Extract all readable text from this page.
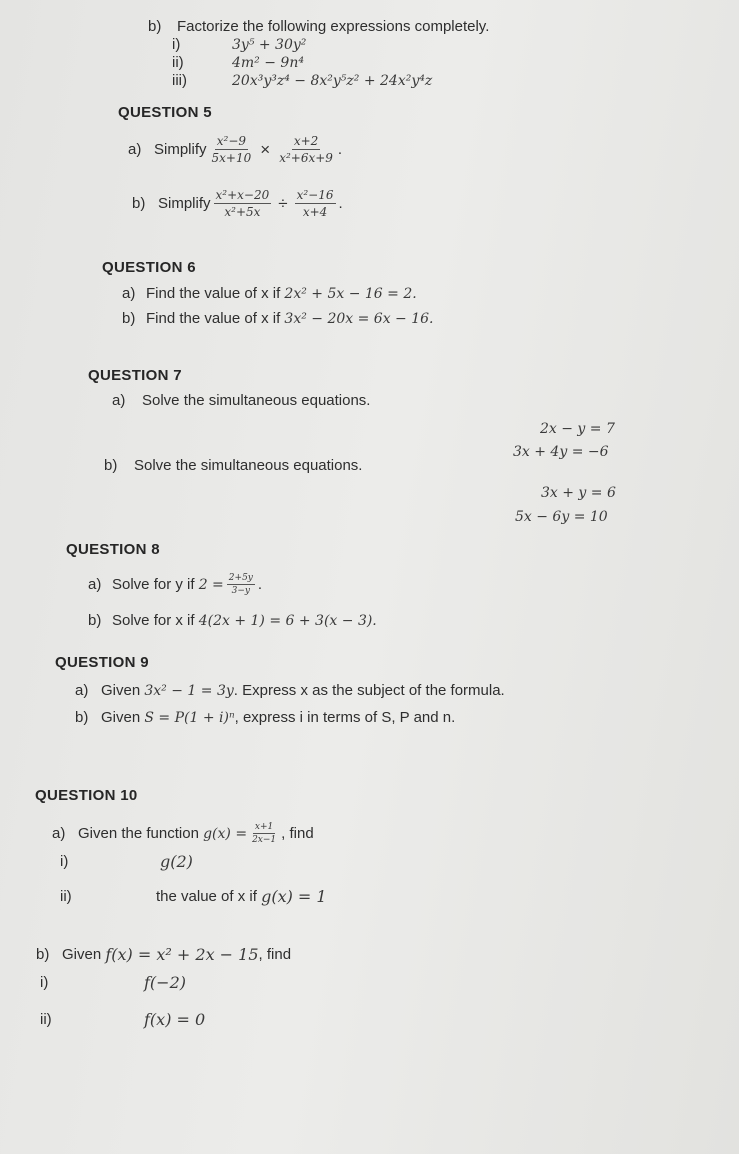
b)	Factorize the following expressions completely.
i)	3y⁵ + 30y²
ii)	4m² − 9n⁴
iii)	20x³y³z⁴ − 8x²y⁵z² + 24x²y⁴z
QUESTION 5
a) Simplify $\frac{\text{x²−9}}{5x+10} \times \frac{x+2}{\text{x²+6x+9}}$ .
b) Simplify $\frac{\text{x²+x−20}}{\text{x²+5x}} \div \frac{\text{x²−16}}{x+4}$ .
QUESTION 6
a) Find the value of x if
2x² + 5x − 16 = 2.
b) Find the value of x if
3x² − 20x = 6x − 16.
QUESTION 7
a)	Solve the simultaneous equations.
2x − y = 7
3x + 4y = −6
b)	Solve the simultaneous equations.
3x + y = 6
5x − 6y = 10
QUESTION 8
a) Solve for y if
$2 = \frac{2+5y}{3-y}$ .
b) Solve for x if
4(2x + 1) = 6 + 3(x − 3).
QUESTION 9
a) Given
3x² − 1 = 3y . Express x as the subject of the formula.
b) Given
S = P(1 + i)ⁿ , express i in terms of S, P and n.
QUESTION 10
a) Given the function
$g(x) = \frac{x+1}{2x-1}$ , find
i)	g(2)
ii)	the value of x if
g(x) = 1
b) Given
f(x) = x² + 2x − 15 , find
i)	f(−2)
ii)	f(x) = 0
